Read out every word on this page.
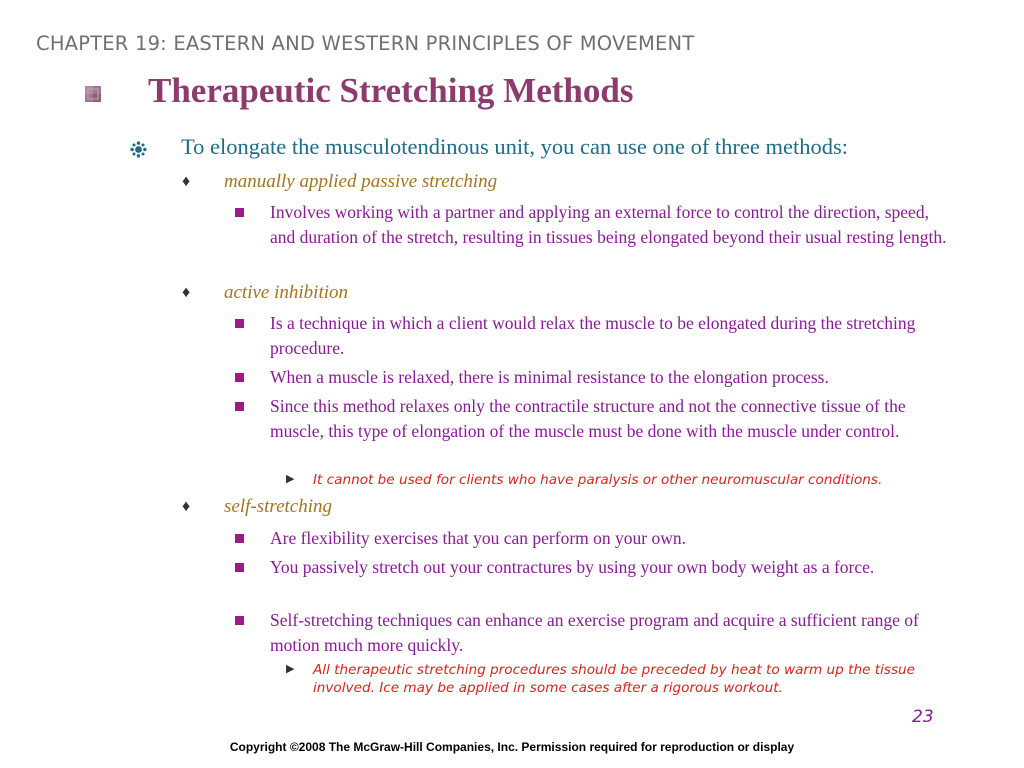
CHAPTER 19: EASTERN AND WESTERN PRINCIPLES OF MOVEMENT
Therapeutic Stretching Methods
To elongate the musculotendinous unit, you can use one of three methods:
♦ manually applied passive stretching
Involves working with a partner and applying an external force to control the direction, speed, and duration of the stretch, resulting in tissues being elongated beyond their usual resting length.
♦ active inhibition
Is a technique in which a client would relax the muscle to be elongated during the stretching procedure.
When a muscle is relaxed, there is minimal resistance to the elongation process.
Since this method relaxes only the contractile structure and not the connective tissue of the muscle, this type of elongation of the muscle must be done with the muscle under control.
▶ It cannot be used for clients who have paralysis or other neuromuscular conditions.
♦ self-stretching
Are flexibility exercises that you can perform on your own.
You passively stretch out your contractures by using your own body weight as a force.
Self-stretching techniques can enhance an exercise program and acquire a sufficient range of motion much more quickly.
▶ All therapeutic stretching procedures should be preceded by heat to warm up the tissue involved. Ice may be applied in some cases after a rigorous workout.
23
Copyright ©2008 The McGraw-Hill Companies, Inc. Permission required for reproduction or display
